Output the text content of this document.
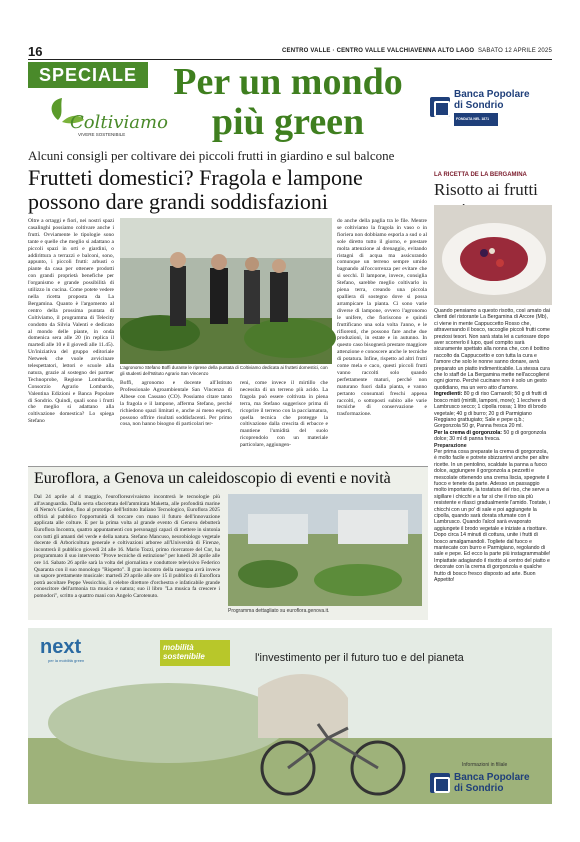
16	CENTRO VALLE · CENTRO VALLE VALCHIAVENNA ALTO LAGO SABATO 12 APRILE 2025
SPECIALE
Coltiviamo
VIVERE SOSTENIBILE
Per un mondo più green
Banca Popolare
di Sondrio
FONDATA NEL 1871
Alcuni consigli per coltivare dei piccoli frutti in giardino e sul balcone
Frutteti domestici? Fragola e lampone possono dare grandi soddisfazioni
Oltre a ortaggi e fiori, nei nostri spazi casalinghi possiamo coltivare anche i frutti. Ovviamente le tipologie sono tante e quelle che meglio si adattano a piccoli spazi in orti e giardini, o addirittura a terrazzi e balconi, sono, appunto, i piccoli frutti: arbusti o piante da casa per ottenere prodotti con grandi proprietà benefiche per l'organismo e grande possibilità di utilizzo in cucina. Come potete vedere nella ricetta proposta da La Bergamina. Quanto è l'argomento al centro della prossima puntata di Coltiviamo, il programma di Telecity condotto da Silvia Valenti e dedicato al mondo delle piante, in onda domenica sera alle 20 (in replica il martedì alle 10 e il giovedì alle 11.45). Un'iniziativa del gruppo editoriale Netweek che vuole avvicinare telespettatori, lettori e scuole alla natura, grazie al sostegno dei partner Technoprobe, Regione Lombardia, Consorzio Agrario Lombardo, Valentina Edizioni e Banca Popolare di Sondrio. Quindi, quali sono i frutti che meglio si adattano alla coltivazione domestica? Lo spiega Stefano
L'agronomo Stefano Boffi durante le riprese della puntata di Coltiviamo dedicata ai frutteti domestici, con gli studenti dell'Istituto Agrario San Vincenzo
Boffi, agronomo e docente all'Istituto Professionale Agroambientale San Vincenzo di Albese con Cassano (CO). Possiamo citare tanto la fragola e il lampone, afferma Stefano, perché richiedono spazi limitati e, anche ai meno esperti, possono offrire risultati soddisfacenti. Per primo cosa, non hanno bisogno di particolari ter-
reni, come invece il mirtillo che necessita di un terreno più acido. La fragola può essere coltivata in piena terra, ma Stefano suggerisce prima di ricoprire il terreno con la pacciamatura, quella tecnica che protegge la coltivazione dalla crescita di erbacce e mantiene l'umidità del suolo ricoprendolo con un materiale particolare, aggiungen-
do anche della paglia tra le file. Mentre se coltiviamo la fragola in vaso o in fioriera non dobbiamo esporla a sud o al sole diretto tutto il giorno, e prestare molta attenzione al drenaggio, evitando ristagni di acqua ma assicurando comunque un terreno sempre umido bagnando all'occorrenza per evitare che si secchi. Il lampone, invece, consiglia Stefano, sarebbe meglio coltivarlo in piena terra, creando una piccola spalliera di sostegno dove si possa arrampicare la pianta. Ci sono varie diverse di lampone, ovvero l'agronomo le unifere, che fioriscono e quindi fruttificano una sola volta l'anno, e le rifiorenti, che possono fare anche due produzioni, in estate e in autunno. In questo caso bisognerà prestare maggiore attenzione e conoscere anche le tecniche di potatura. Infine, rispetto ad altri frutti come mela e caco, questi piccoli frutti vanno raccolti solo quando perfettamente maturi, perché non maturano fuori dalla pianta, e vanno pertanto consumati freschi appena raccolti, o sottoposti subito alle varie tecniche di conservazione e trasformazione.
LA RICETTA DE LA BERGAMINA
Risotto ai frutti
Quando pensiamo a questo risotto, così amato dai clienti del ristorante La Bergamina di Arcore (Mb), ci viene in mente Cappuccetto Rosso che, attraversando il bosco, raccoglie piccoli frutti come preziosi tesori. Non sarà stata lei a curiosare dopo aver scorrerlo il lupo, quel compito sarà sicuramente spettato alla nonna che, con il bottino raccolto da Cappuccetto e con tutta la cura e l'amore che solo le nonne sanno donare, avrà preparato un piatto indimenticabile. La stessa cura che lo staff de La Bergamina mette nell'accogliervi ogni giorno. Perché cucinare non è solo un gesto quotidiano, ma un vero atto d'amore.
Ingredienti: 80 g di riso Carnaroli; 50 g di frutti di bosco misti (mirtilli, lamponi, more); 1 lecchere di Lambrusco secco; 1 cipolla rossa; 1 litro di brodo vegetale; 40 g di burro; 20 g di Parmigiano Reggiano grattugiato; Sale e pepe q.b.; Gorgonzola 50 gr, Panna fresca 20 ml.
Per la crema di gorgonzola: 50 g di gorgonzola dolce; 30 ml di panna fresca.
Preparazione
Per prima cosa preparate la crema di gorgonzola, è molto facile e potrete sbizzarrirvi anche per altre ricette. In un pentolino, scaldate la panna a fuoco dolce, aggiungere il gorgonzola a pezzetti e mescolate ottenendo una crema liscia, spegnete il fuoco e tenete da parte. Adesso un passaggio molto importante, la tostatura del riso, che serve a sigillare i chicchi e a far sì che il riso sia più resistente e rilasci gradualmente l'amido. Tostate, i chicchi con un po' di sale e poi aggiungete la cipolla, quando sarà dorata sfumate con il Lambrusco. Quando l'alcol sarà evaporato aggiungete il brodo vegetale e iniziate a risottare. Dopo circa 14 minuti di cottura, unite i frutti di bosco amalgamandoli. Togliete dal fuoco e mantecate con burro e Parmigiano, regolando di sale e pepe. Ed ecco la parte più instagrammabile! Impiattate adagiando il risotto al centro del piatto e decorate con la crema di gorgonzola e qualche frutto di bosco fresco disposto ad arte. Buon Appetito!
Euroflora, a Genova un caleidoscopio di eventi e novità
Dal 24 aprile al 4 maggio, l'eurofloreavivaismo incontrerà le tecnologie più all'avanguardia. Dalla serra sfaccettata dell'ammirata Maketta, alle profondità marine di Nemo's Garden, fino al prototipo dell'Istituto Italiano Tecnologico, Euroflora 2025 offrirà al pubblico l'opportunità di toccare con mano il futuro dell'innovazione applicata alle colture. E per la prima volta al grande evento di Genova debutterà Euroflora Incontra, quattro appuntamenti con personaggi capaci di mettere in sintonia con tutti gli amanti del verde e della natura. Stefano Mancuso, neurobiologo vegetale docente di Arboricoltura generale e coltivazioni arboree all'Università di Firenze, incontrerà il pubblico giovedì 24 alle 16. Mario Tozzi, primo ricercatore del Cnr, ha programmato il suo intervento "Prove tecniche di estinzione" per lunedì 28 aprile alle ore 14. Sabato 26 aprile sarà la volta del giornalista e conduttore televisivo Federico Quaranta con il suo monologo "Rispetto". Il gran incontro della rassegna avrà invece un sapore prettamente musicale: martedì 29 aprile alle ore 15 il pubblico di Euroflora potrà ascoltare Peppe Vessicchio, il celebre direttore d'orchestra e infaticabile grande conoscitore dell'armonia tra musica e natura; suo il libro "La musica fa crescere i pomodori", scritto a quattro mani con Angelo Carotenuto.
Programma dettagliato su euroflora.genova.it.
next
per la mobilità green
mobilità
sostenibile	l'investimento per il futuro tuo e del pianeta
Informazioni in filiale
Banca Popolare
di Sondrio
